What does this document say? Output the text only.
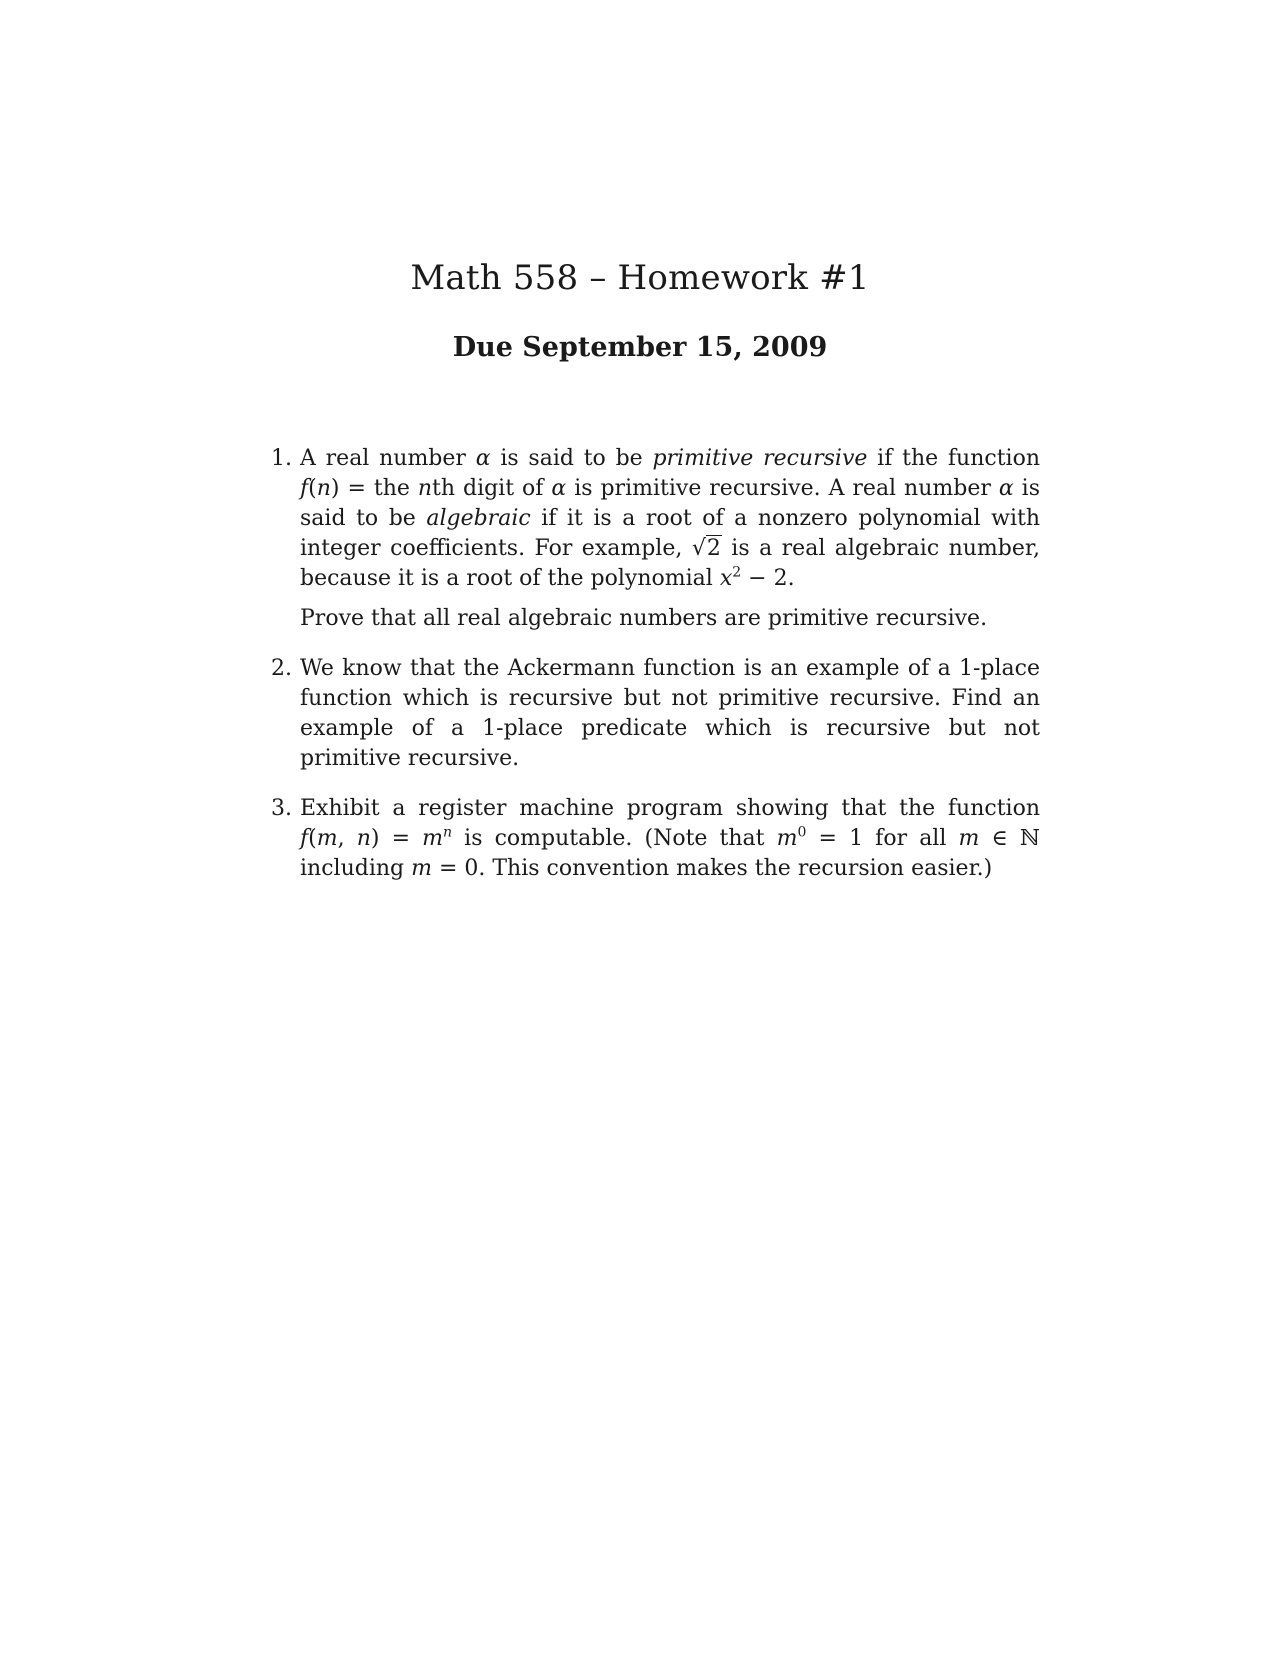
Math 558 – Homework #1
Due September 15, 2009
1. A real number α is said to be primitive recursive if the function f(n) = the nth digit of α is primitive recursive. A real number α is said to be algebraic if it is a root of a nonzero polynomial with integer coefficients. For example, √2 is a real algebraic number, because it is a root of the polynomial $x^2 - 2$.

Prove that all real algebraic numbers are primitive recursive.

2. We know that the Ackermann function is an example of a 1-place function which is recursive but not primitive recursive. Find an example of a 1-place predicate which is recursive but not primitive recursive.

3. Exhibit a register machine program showing that the function f(m, $n) = m^n$ is computable. (Note that $m^0 = 1$ for all m ∈ ℕ including m = 0. This convention makes the recursion easier.)
